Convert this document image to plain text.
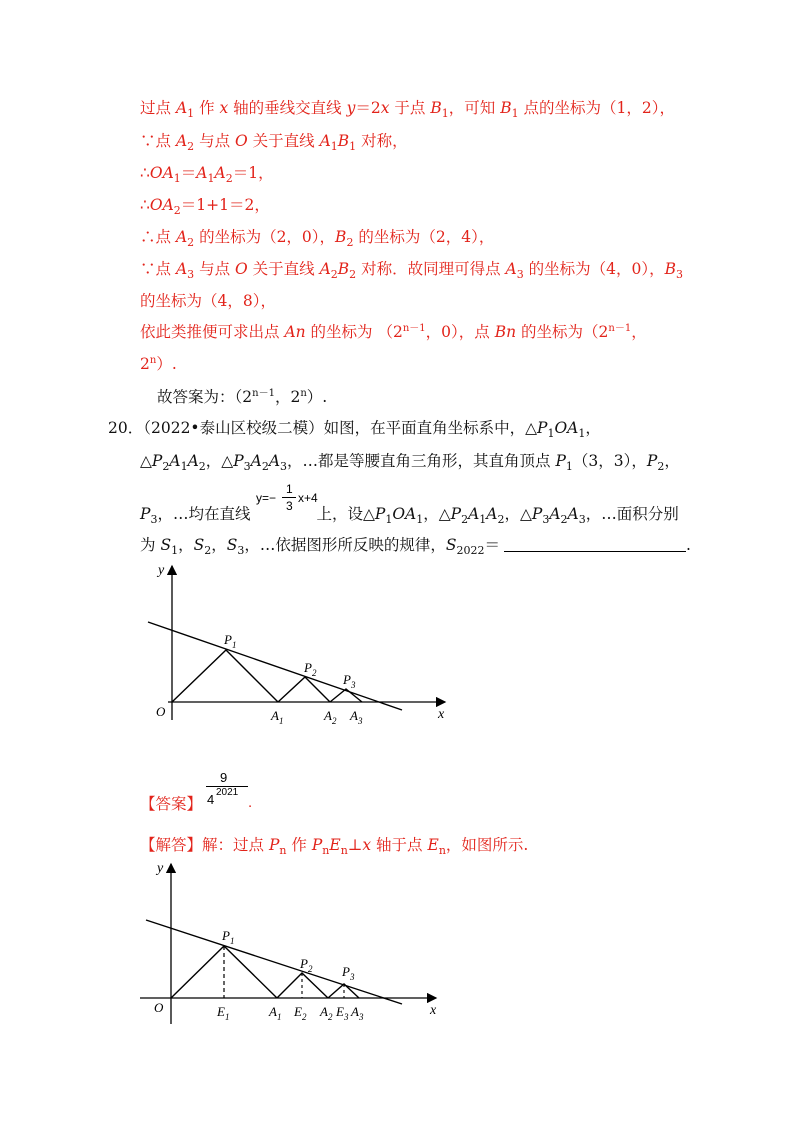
过点 $A_1$ 作 x 轴的垂线交直线 y＝2x 于点 $B_1$，可知 $B_1$ 点的坐标为（1，2），
∵点 $A_2$ 与点 O 关于直线 $A_1B_1$ 对称，
$\therefore OA_1=A_1A_2=1$，
$\therefore OA_2=1+1=2$，
∴点 $A_2$ 的坐标为（2，0），$B_2$ 的坐标为（2，4），
∵点 $A_3$ 与点 O 关于直线 $A_2B_2$ 对称．故同理可得点 $A_3$ 的坐标为（4，0），$B_3$
的坐标为（4，8），
依此类推便可求出点 An 的坐标为 （$2^{n-1}$，0），点 Bn 的坐标为（$2^{n-1}$，
2$^n$）.
故答案为：（$2^{n-1}$，2$^n$）.
20．（2022•泰山区校级二模）如图，在平面直角坐标系中，$\triangle P_1OA_1$，
$\triangle P_2A_1A_2$，$\triangle P_3A_2A_3$，…都是等腰直角三角形，其直角顶点 $P_1(3$，3），$P_2$，
y=−
1
3
x+4
$P_3$，…均在直线	上，设$\triangle P_1OA_1$，$\triangle P_2A_1A_2$，$\triangle P_3A_2A_3$，…面积分别
为 $S_1$，$S_2$，$S_3$，…依据图形所反映的规律，$S_{2022}=$	.
y
x
O
$P_1$
$P_2$ $P_3$
$A_1$	$A_2$ $A_3$
【答案】
9
4 2021
.
【解答】解：过点 $P_n$ 作 $P_nE_n\perp x$ 轴于点 $E_n$，如图所示.
y
x
O
$P_1$
$P_2$ $P_3$
$E_1$	$A_1$ $E_2$ $A_2$ $E_3$ $A_3$
